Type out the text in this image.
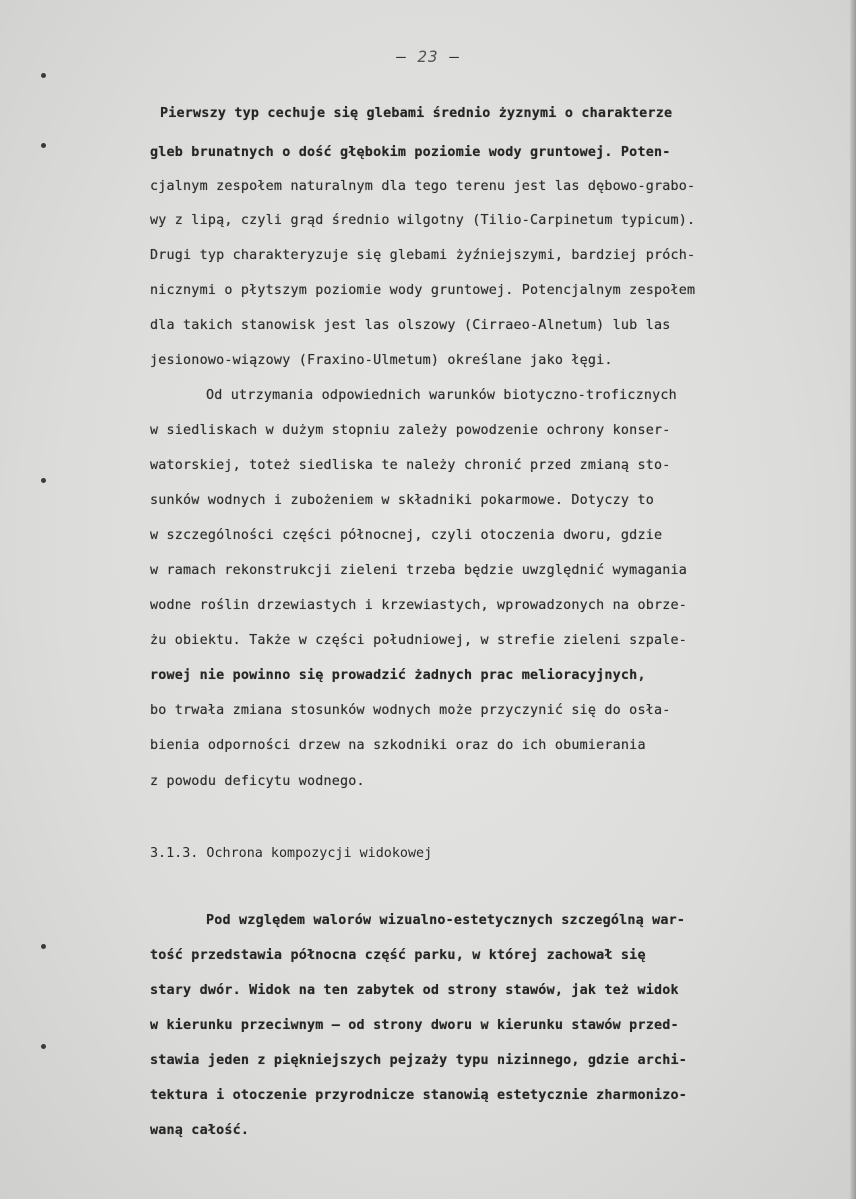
– 23 –
Pierwszy typ cechuje się glebami średnio żyznymi o charakterze
gleb brunatnych o dość głębokim poziomie wody gruntowej. Poten-
cjalnym zespołem naturalnym dla tego terenu jest las dębowo-grabo-
wy z lipą, czyli grąd średnio wilgotny (Tilio-Carpinetum typicum).
Drugi typ charakteryzuje się glebami żyźniejszymi, bardziej próch-
nicznymi o płytszym poziomie wody gruntowej. Potencjalnym zespołem
dla takich stanowisk jest las olszowy (Cirraeo-Alnetum) lub las
jesionowo-wiązowy (Fraxino-Ulmetum) określane jako łęgi.
Od utrzymania odpowiednich warunków biotyczno-troficznych
w siedliskach w dużym stopniu zależy powodzenie ochrony konser-
watorskiej, toteż siedliska te należy chronić przed zmianą sto-
sunków wodnych i zubożeniem w składniki pokarmowe. Dotyczy to
w szczególności części północnej, czyli otoczenia dworu, gdzie
w ramach rekonstrukcji zieleni trzeba będzie uwzględnić wymagania
wodne roślin drzewiastych i krzewiastych, wprowadzonych na obrze-
żu obiektu. Także w części południowej, w strefie zieleni szpale-
rowej nie powinno się prowadzić żadnych prac melioracyjnych,
bo trwała zmiana stosunków wodnych może przyczynić się do osła-
bienia odporności drzew na szkodniki oraz do ich obumierania
z powodu deficytu wodnego.
3.1.3. Ochrona kompozycji widokowej
Pod względem walorów wizualno-estetycznych szczególną war-
tość przedstawia północna część parku, w której zachował się
stary dwór. Widok na ten zabytek od strony stawów, jak też widok
w kierunku przeciwnym – od strony dworu w kierunku stawów przed-
stawia jeden z piękniejszych pejzaży typu nizinnego, gdzie archi-
tektura i otoczenie przyrodnicze stanowią estetycznie zharmonizo-
waną całość.
